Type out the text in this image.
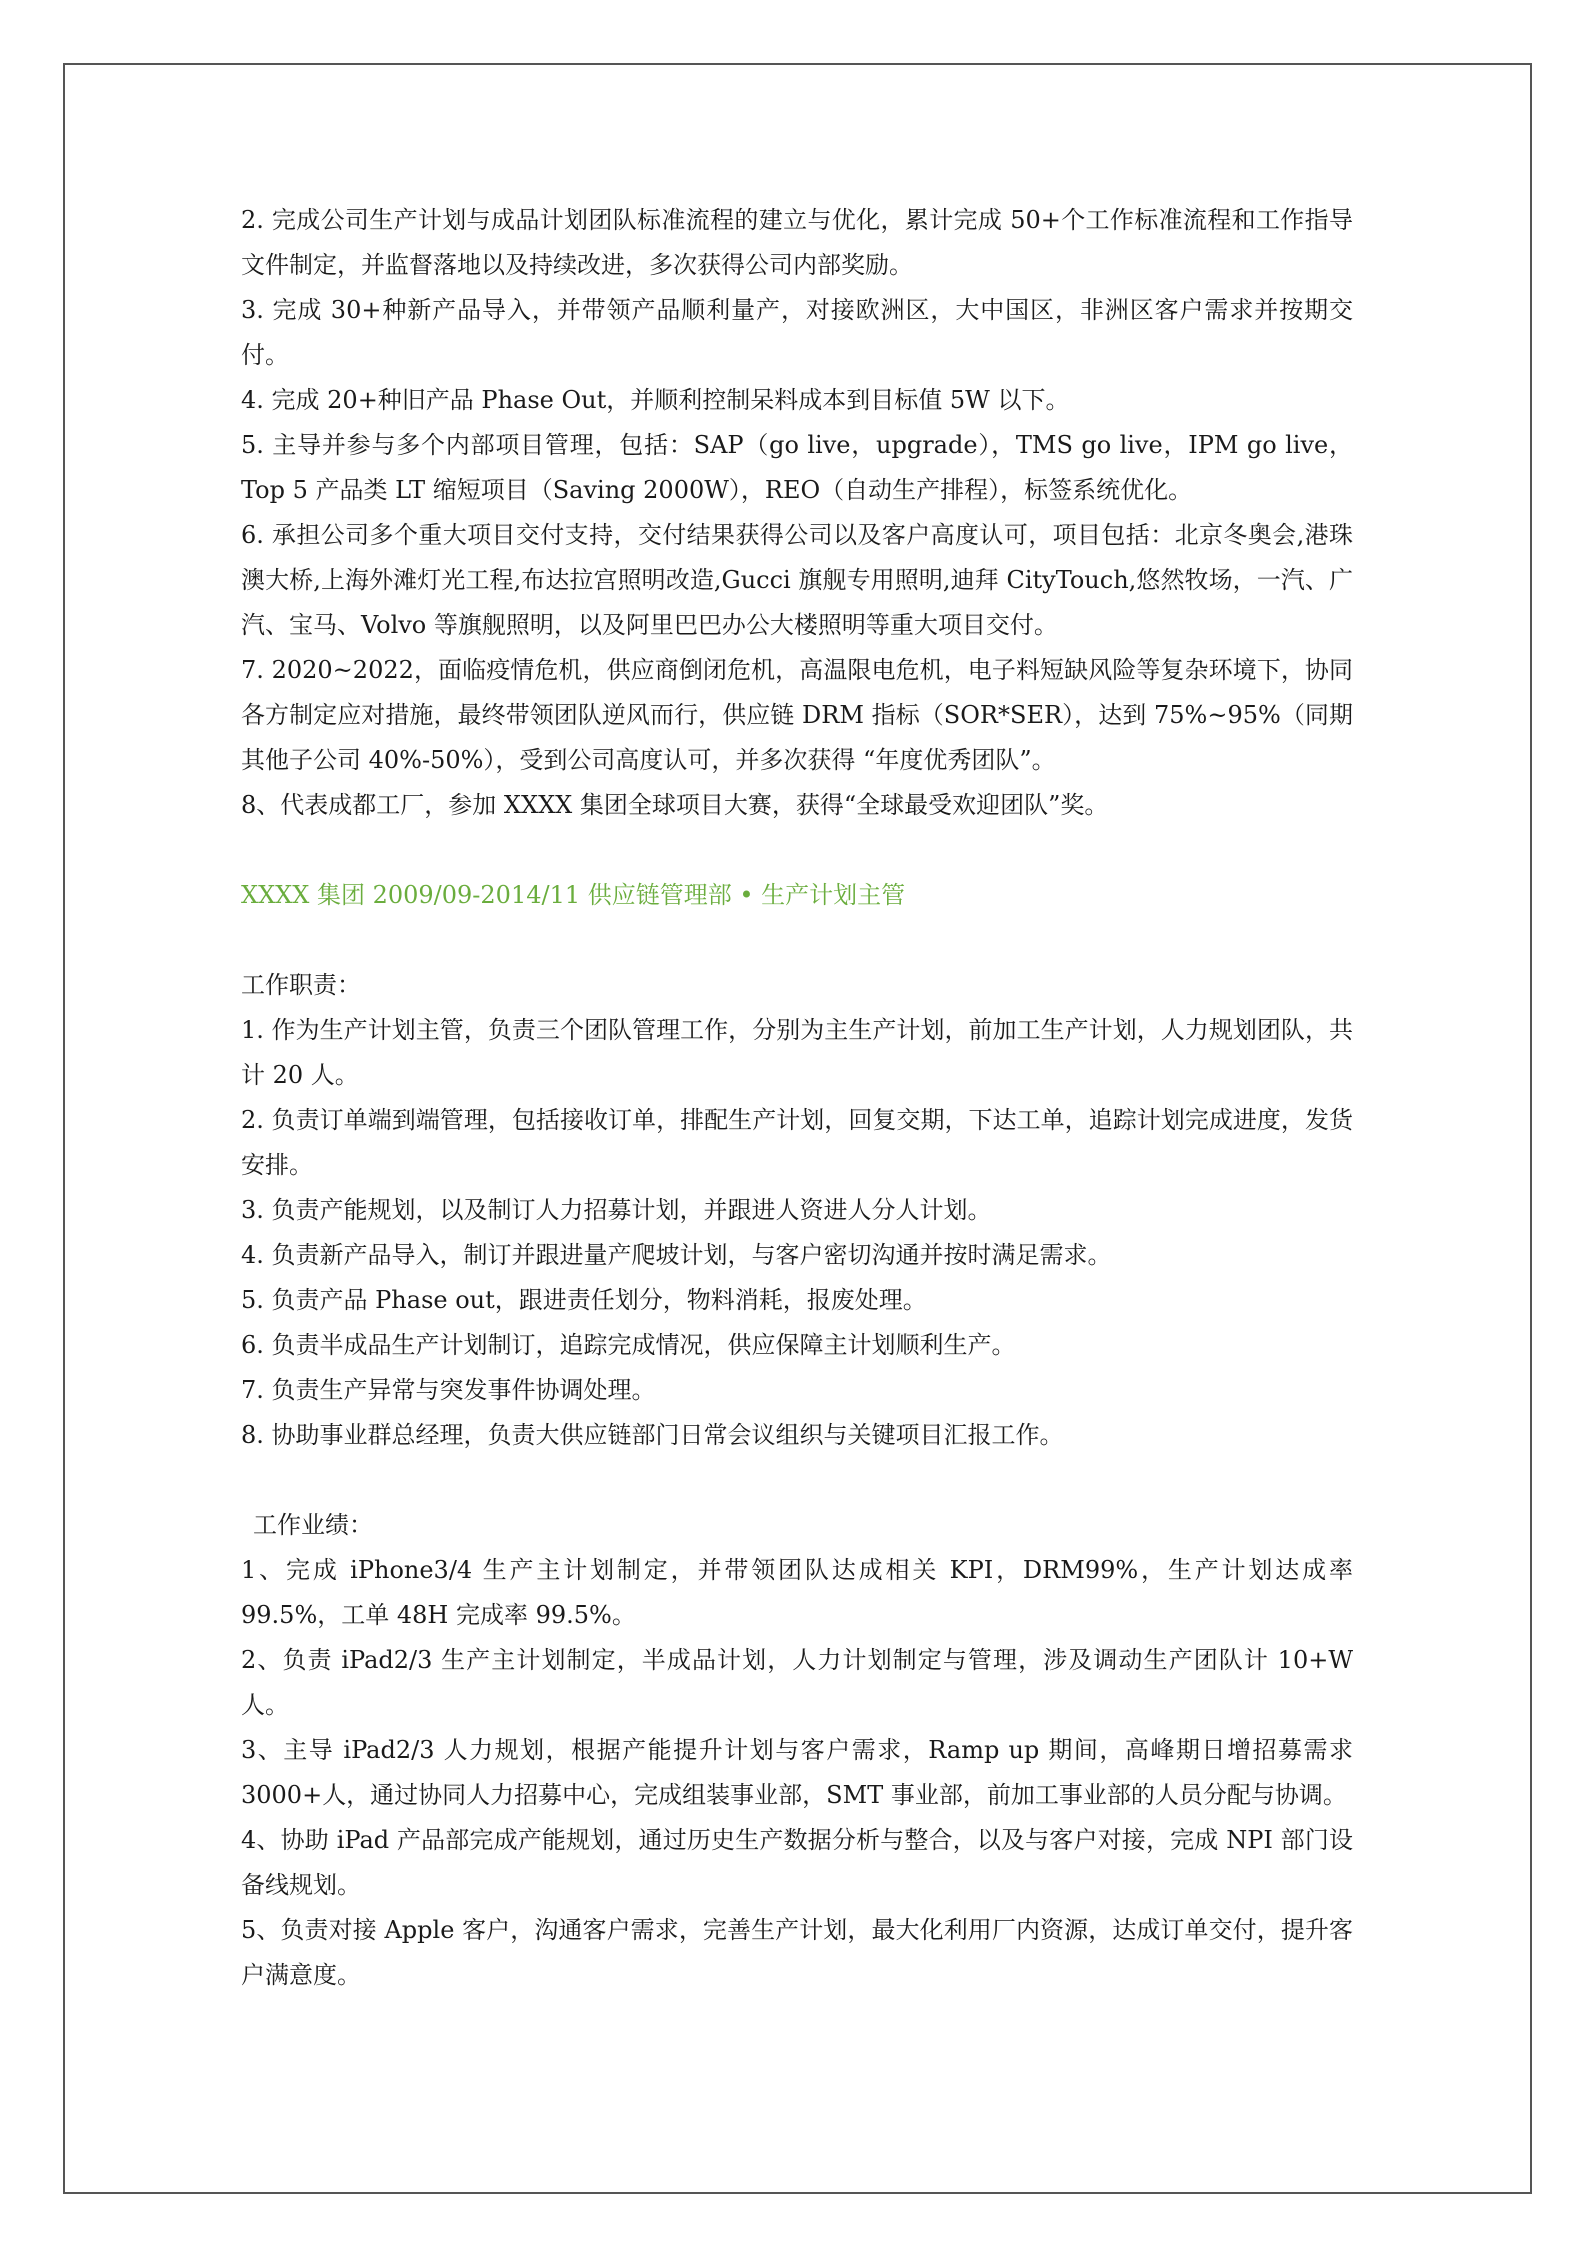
2. 完成公司生产计划与成品计划团队标准流程的建立与优化，累计完成 50+个工作标准流程和工作指导文件制定，并监督落地以及持续改进，多次获得公司内部奖励。

3. 完成 30+种新产品导入，并带领产品顺利量产，对接欧洲区，大中国区，非洲区客户需求并按期交付。

4. 完成 20+种旧产品 Phase Out，并顺利控制呆料成本到目标值 5W 以下。

5. 主导并参与多个内部项目管理，包括：SAP（go live，upgrade），TMS go live，IPM go live，Top 5 产品类 LT 缩短项目（Saving 2000W），REO（自动生产排程），标签系统优化。

6. 承担公司多个重大项目交付支持，交付结果获得公司以及客户高度认可，项目包括：北京冬奥会,港珠澳大桥,上海外滩灯光工程,布达拉宫照明改造,Gucci 旗舰专用照明,迪拜 CityTouch,悠然牧场，一汽、广汽、宝马、Volvo 等旗舰照明，以及阿里巴巴办公大楼照明等重大项目交付。

7. 2020~2022，面临疫情危机，供应商倒闭危机，高温限电危机，电子料短缺风险等复杂环境下，协同各方制定应对措施，最终带领团队逆风而行，供应链 DRM 指标（SOR*SER），达到 75%~95%（同期其他子公司 40%-50%），受到公司高度认可，并多次获得 “年度优秀团队”。

8、代表成都工厂，参加 XXXX 集团全球项目大赛，获得“全球最受欢迎团队”奖。

XXXX 集团 2009/09-2014/11 供应链管理部 • 生产计划主管

工作职责：

1. 作为生产计划主管，负责三个团队管理工作，分别为主生产计划，前加工生产计划，人力规划团队，共计 20 人。

2. 负责订单端到端管理，包括接收订单，排配生产计划，回复交期，下达工单，追踪计划完成进度，发货安排。

3. 负责产能规划，以及制订人力招募计划，并跟进人资进人分人计划。

4. 负责新产品导入，制订并跟进量产爬坡计划，与客户密切沟通并按时满足需求。

5. 负责产品 Phase out，跟进责任划分，物料消耗，报废处理。

6. 负责半成品生产计划制订，追踪完成情况，供应保障主计划顺利生产。

7. 负责生产异常与突发事件协调处理。

8. 协助事业群总经理，负责大供应链部门日常会议组织与关键项目汇报工作。

工作业绩：

1、完成 iPhone3/4 生产主计划制定，并带领团队达成相关 KPI，DRM99%，生产计划达成率 99.5%，工单 48H 完成率 99.5%。

2、负责 iPad2/3 生产主计划制定，半成品计划，人力计划制定与管理，涉及调动生产团队计 10+W 人。

3、主导 iPad2/3 人力规划，根据产能提升计划与客户需求，Ramp up 期间，高峰期日增招募需求 3000+人，通过协同人力招募中心，完成组装事业部，SMT 事业部，前加工事业部的人员分配与协调。

4、协助 iPad 产品部完成产能规划，通过历史生产数据分析与整合，以及与客户对接，完成 NPI 部门设备线规划。

5、负责对接 Apple 客户，沟通客户需求，完善生产计划，最大化利用厂内资源，达成订单交付，提升客户满意度。
